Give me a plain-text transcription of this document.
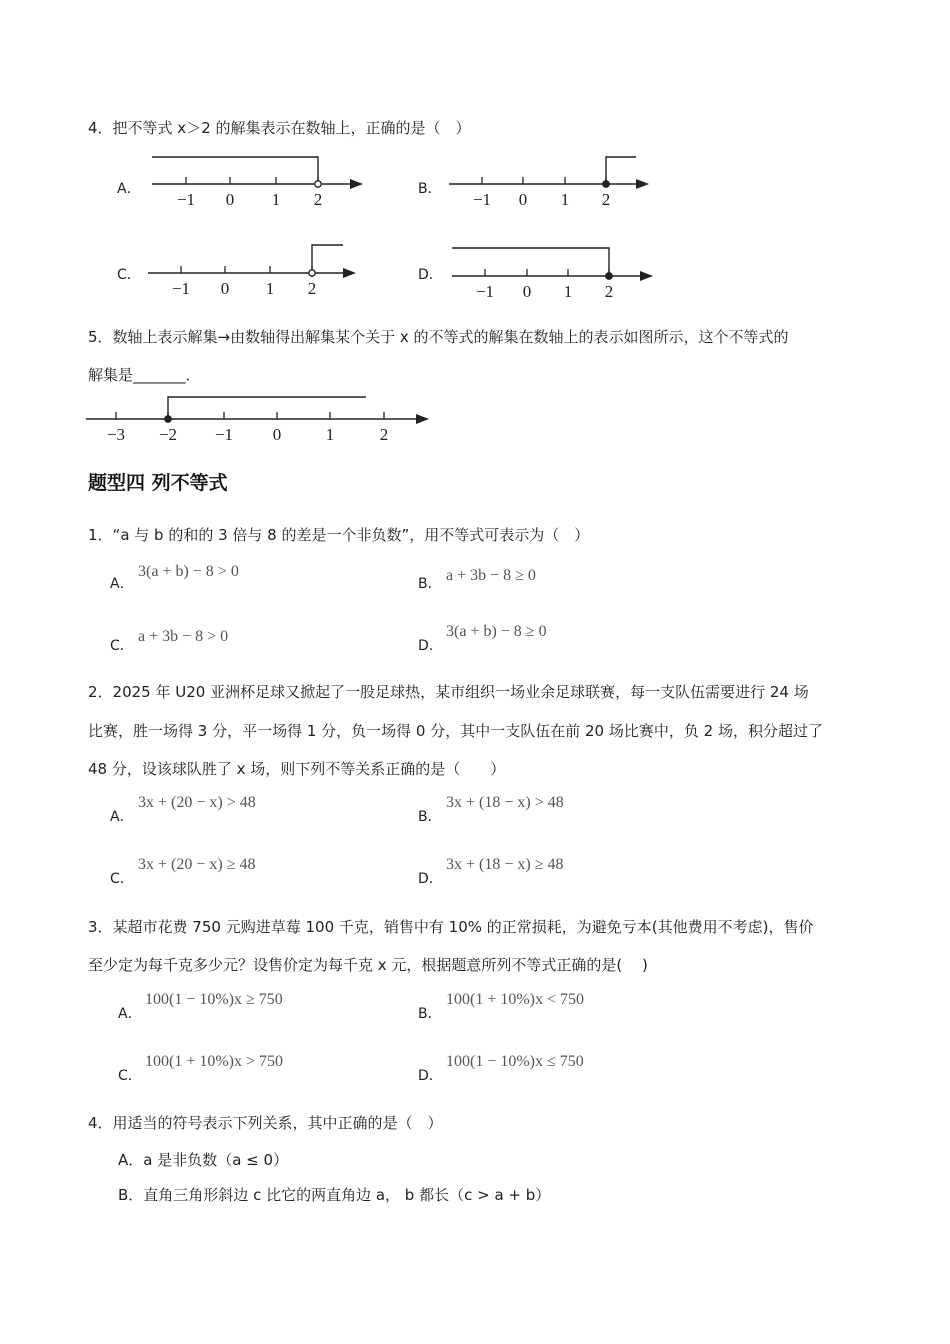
−1 0 1 2	−1 0 1 2
−1 0 1 2	−1 0 1 2
−3 −2 −1 0	1	2
4．把不等式 x＞2 的解集表示在数轴上，正确的是（　）
A．	B．
C．	D．
5．数轴上表示解集→由数轴得出解集某个关于 x 的不等式的解集在数轴上的表示如图所示，这个不等式的
解集是_______．
题型四 列不等式
1．“a 与 b 的和的 3 倍与 8 的差是一个非负数”，用不等式可表示为（　）
A．
3(a + b) − 8 > 0
B． a + 3b − 8 ≥ 0
C．
a + 3b − 8 > 0
D．
3(a + b) − 8 ≥ 0
2．2025 年 U20 亚洲杯足球又掀起了一股足球热，某市组织一场业余足球联赛，每一支队伍需要进行 24 场
比赛，胜一场得 3 分，平一场得 1 分，负一场得 0 分，其中一支队伍在前 20 场比赛中，负 2 场，积分超过了
48 分，设该球队胜了 x 场，则下列不等关系正确的是（　　）
A．
3x + (20 − x) > 48
B．
3x + (18 − x) > 48
C．
3x + (20 − x) ≥ 48
D．
3x + (18 − x) ≥ 48
3．某超市花费 750 元购进草莓 100 千克，销售中有 10% 的正常损耗，为避免亏本(其他费用不考虑)，售价
至少定为每千克多少元？设售价定为每千克 x 元，根据题意所列不等式正确的是(　 )
A．
100(1 − 10%)x ≥ 750
B．
100(1 + 10%)x < 750
C．
100(1 + 10%)x > 750
D．
100(1 − 10%)x ≤ 750
4．用适当的符号表示下列关系，其中正确的是（　）
A．a 是非负数（a ≤ 0）
B．直角三角形斜边 c 比它的两直角边 a， b 都长（c > a + b）
